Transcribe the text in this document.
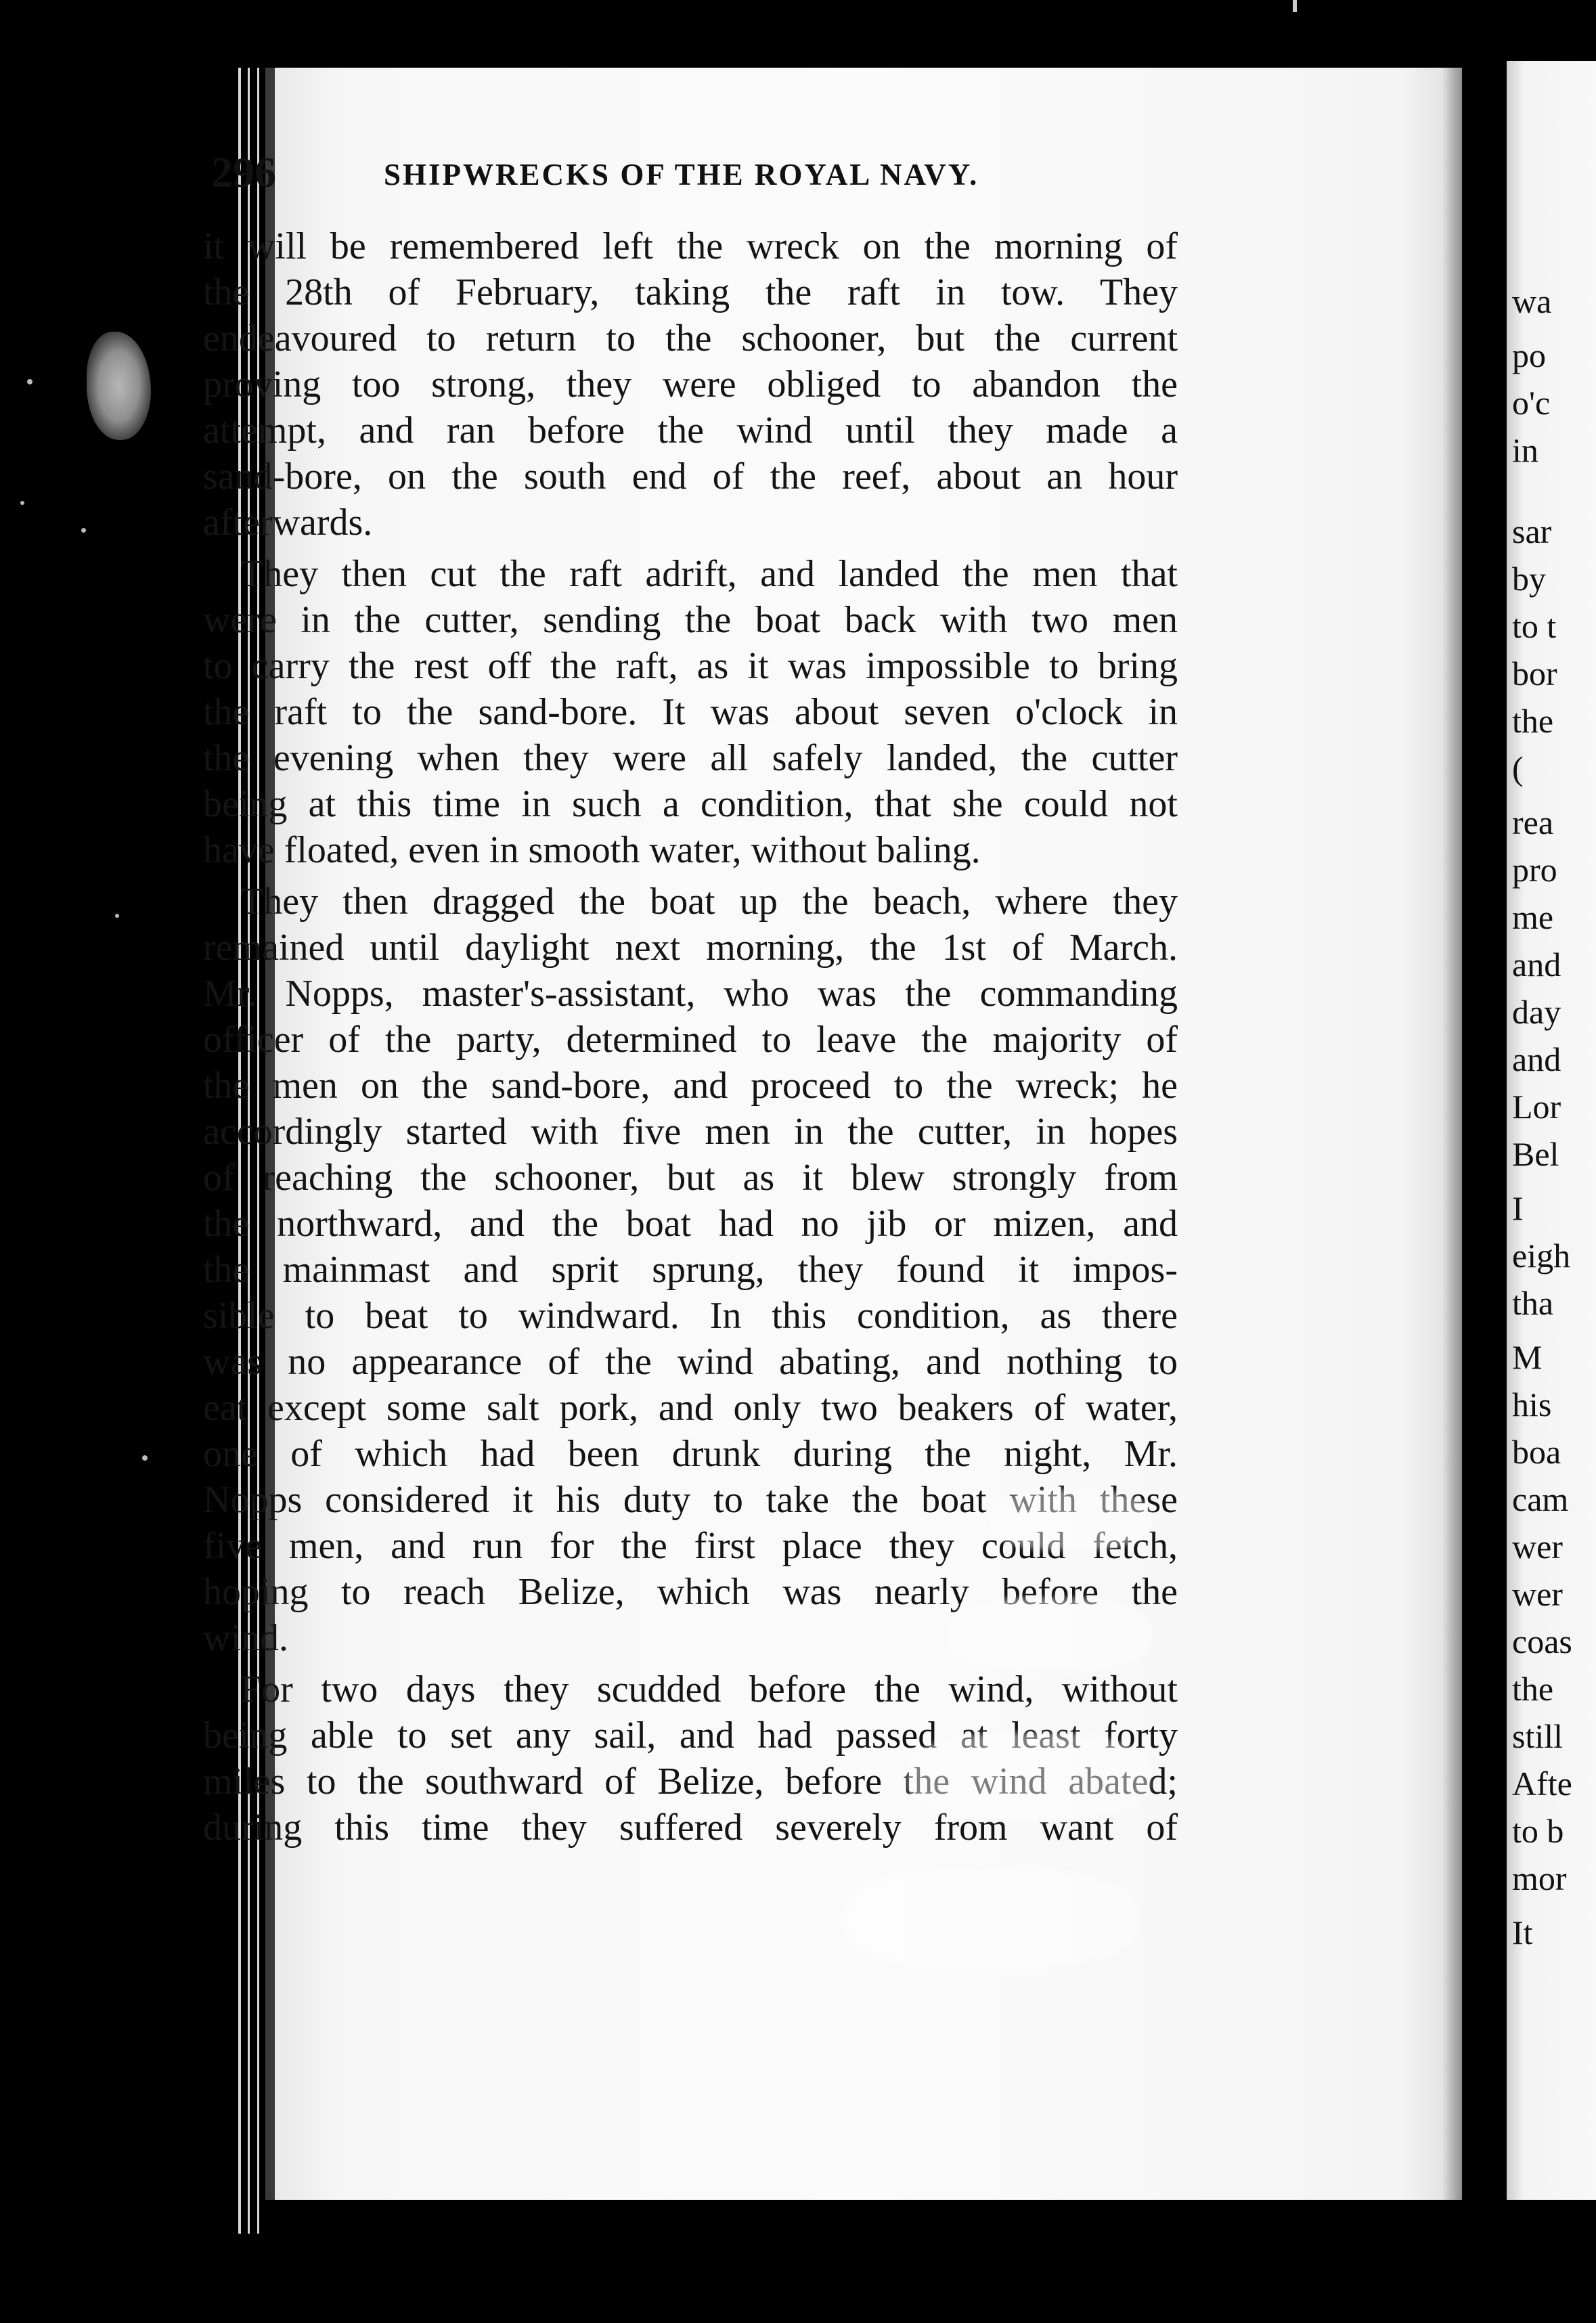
wa
po
o'c
in
sar
by
to t
bor
the
(
rea
pro
me
and
day
and
Lor
Bel
I
eigh
tha
M
his
boa
cam
wer
wer
coas
the
still
Afte
to b
mor
It
296	SHIPWRECKS OF THE ROYAL NAVY.
it will be remembered left the wreck on the morning of
the 28th of February, taking the raft in tow. They
endeavoured to return to the schooner, but the current
proving too strong, they were obliged to abandon the
attempt, and ran before the wind until they made a
sand-bore, on the south end of the reef, about an hour
afterwards.
They then cut the raft adrift, and landed the men that
were in the cutter, sending the boat back with two men
to carry the rest off the raft, as it was impossible to bring
the raft to the sand-bore. It was about seven o'clock in
the evening when they were all safely landed, the cutter
being at this time in such a condition, that she could not
have floated, even in smooth water, without baling.
They then dragged the boat up the beach, where they
remained until daylight next morning, the 1st of March.
Mr. Nopps, master's-assistant, who was the commanding
officer of the party, determined to leave the majority of
the men on the sand-bore, and proceed to the wreck; he
accordingly started with five men in the cutter, in hopes
of reaching the schooner, but as it blew strongly from
the northward, and the boat had no jib or mizen, and
the mainmast and sprit sprung, they found it impos-
sible to beat to windward. In this condition, as there
was no appearance of the wind abating, and nothing to
eat except some salt pork, and only two beakers of water,
one of which had been drunk during the night, Mr.
Nopps considered it his duty to take the boat with these
five men, and run for the first place they could fetch,
hoping to reach Belize, which was nearly before the
wind.
For two days they scudded before the wind, without
being able to set any sail, and had passed at least forty
miles to the southward of Belize, before the wind abated;
during this time they suffered severely from want of
